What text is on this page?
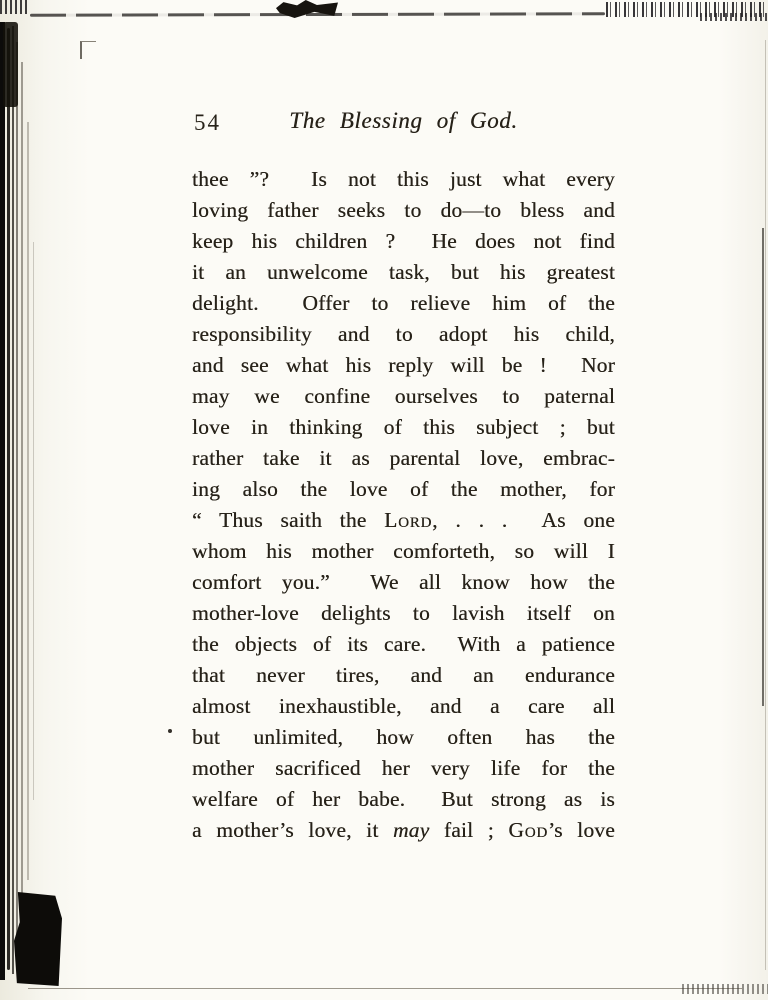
54	The Blessing of God.
thee ”?  Is not this just what every
loving father seeks to do—to bless and
keep his children ?  He does not find
it an unwelcome task, but his greatest
delight.  Offer to relieve him of the
responsibility and to adopt his child,
and see what his reply will be !  Nor
may we confine ourselves to paternal
love in thinking of this subject ; but
rather take it as parental love, embrac-
ing also the love of the mother, for
“ Thus saith the Lord, . . .  As one
whom his mother comforteth, so will I
comfort you.”  We all know how the
mother-love delights to lavish itself on
the objects of its care.  With a patience
that never tires, and an endurance
almost inexhaustible, and a care all
but unlimited, how often has the
mother sacrificed her very life for the
welfare of her babe.  But strong as is
a mother’s love, it may fail ; God’s love
